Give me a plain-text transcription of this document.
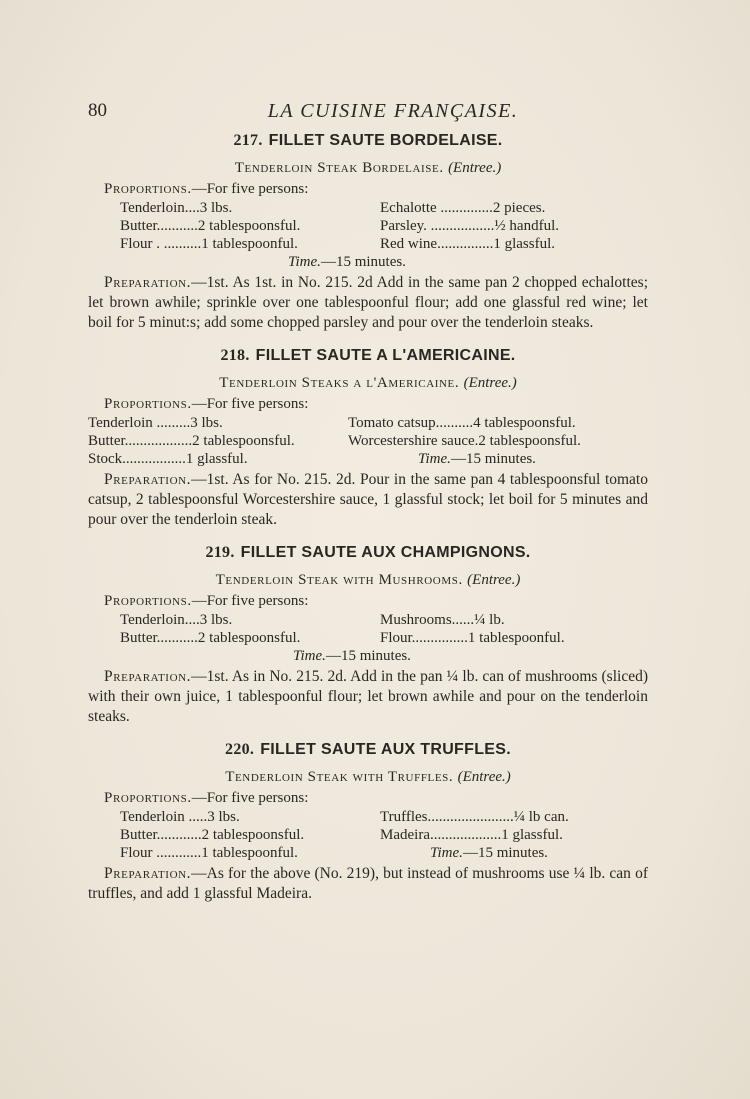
80	LA CUISINE FRANÇAISE.
217. FILLET SAUTE BORDELAISE.
Tenderloin Steak Bordelaise. (Entree.)
Proportions.—For five persons:
Tenderloin....3 lbs.	Echalotte ..............2 pieces.
Butter...........2 tablespoonsful.	Parsley. .................½ handful.
Flour . ..........1 tablespoonful.	Red wine...............1 glassful.
Time.—15 minutes.

Preparation.—1st. As 1st. in No. 215. 2d Add in the same pan 2 chopped echalottes; let brown awhile; sprinkle over one tablespoonful flour; add one glassful red wine; let boil for 5 minut:s; add some chopped parsley and pour over the tenderloin steaks.

218. FILLET SAUTE A L'AMERICAINE.
Tenderloin Steaks a l'Americaine. (Entree.)
Proportions.—For five persons:
Tenderloin .........3 lbs.	Tomato catsup..........4 tablespoonsful.
Butter..................2 tablespoonsful.	Worcestershire sauce.2 tablespoonsful.
Stock.................1 glassful.	Time.—15 minutes.

Preparation.—1st. As for No. 215. 2d. Pour in the same pan 4 tablespoonsful tomato catsup, 2 tablespoonsful Worcestershire sauce, 1 glassful stock; let boil for 5 minutes and pour over the tenderloin steak.

219. FILLET SAUTE AUX CHAMPIGNONS.
Tenderloin Steak with Mushrooms. (Entree.)
Proportions.—For five persons:
Tenderloin....3 lbs.	Mushrooms......¼ lb.
Butter...........2 tablespoonsful.	Flour...............1 tablespoonful.
Time.—15 minutes.

Preparation.—1st. As in No. 215. 2d. Add in the pan ¼ lb. can of mushrooms (sliced) with their own juice, 1 tablespoonful flour; let brown awhile and pour on the tenderloin steaks.

220. FILLET SAUTE AUX TRUFFLES.
Tenderloin Steak with Truffles. (Entree.)
Proportions.—For five persons:
Tenderloin .....3 lbs.	Truffles.......................¼ lb can.
Butter............2 tablespoonsful.	Madeira...................1 glassful.
Flour ............1 tablespoonful.	Time.—15 minutes.

Preparation.—As for the above (No. 219), but instead of mushrooms use ¼ lb. can of truffles, and add 1 glassful Madeira.
